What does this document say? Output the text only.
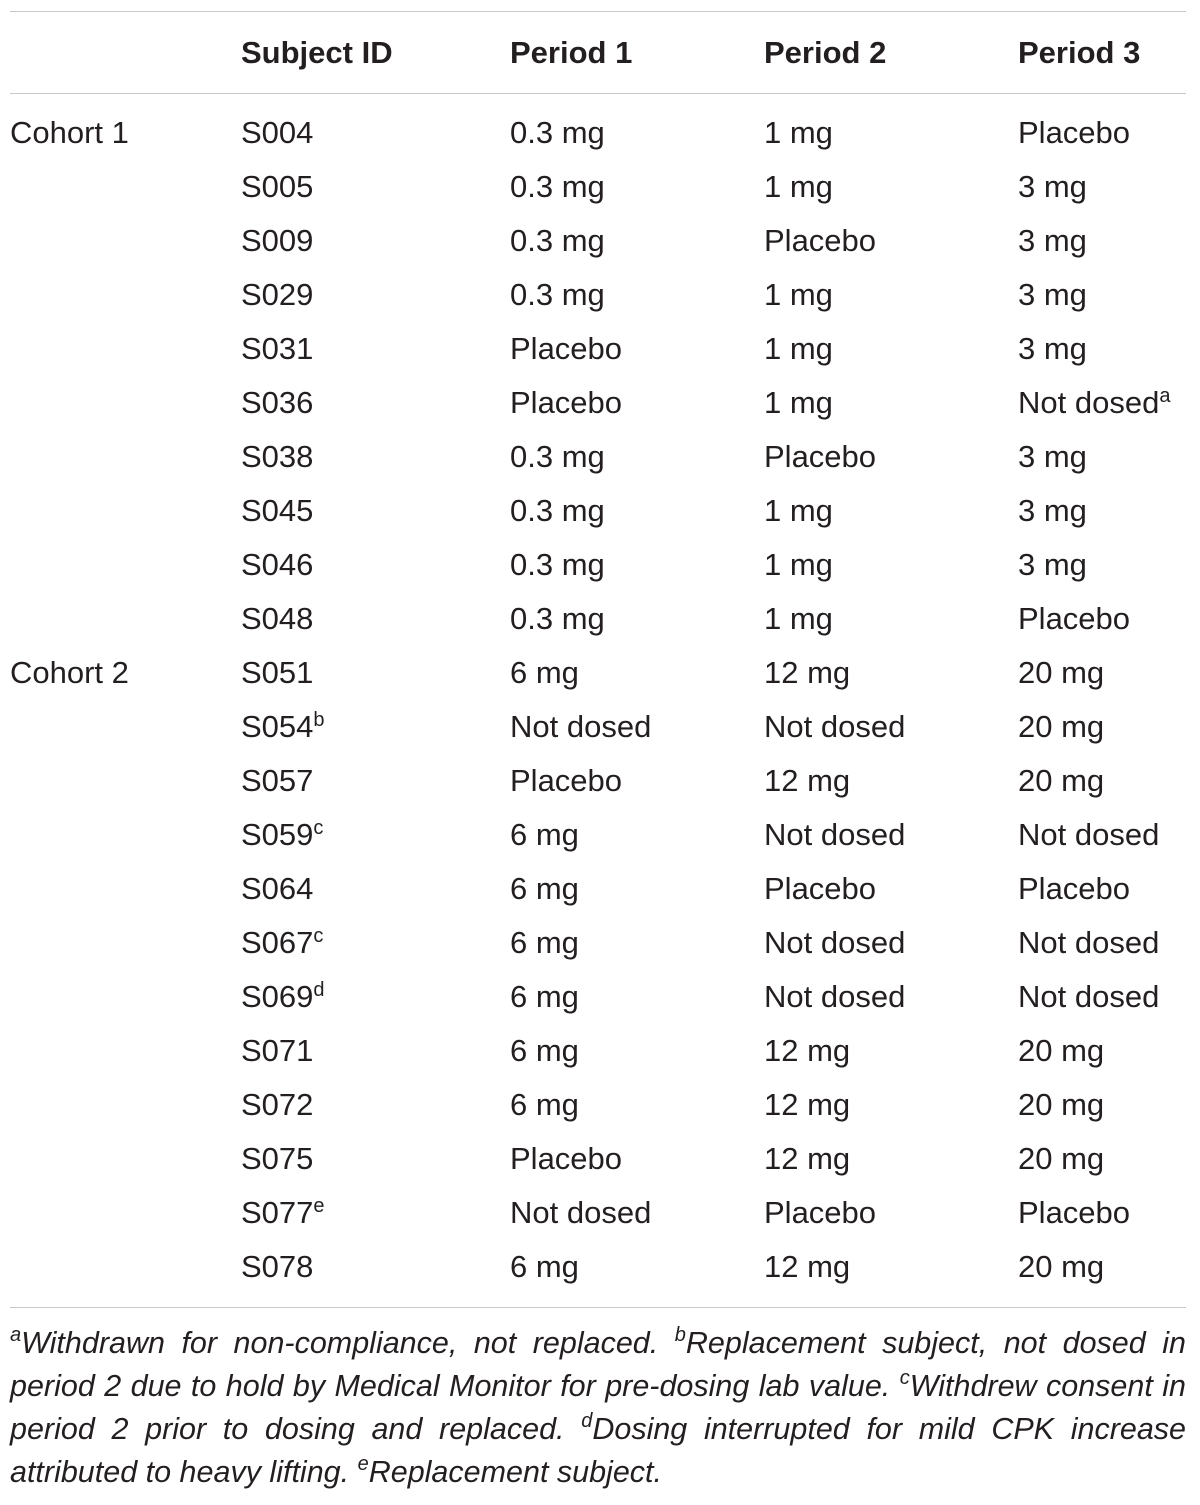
	Subject ID	Period 1	Period 2	Period 3

Cohort 1	S004	0.3 mg	1 mg	Placebo
	S005	0.3 mg	1 mg	3 mg
	S009	0.3 mg	Placebo	3 mg
	S029	0.3 mg	1 mg	3 mg
	S031	Placebo	1 mg	3 mg
	S036	Placebo	1 mg	Not dosed$^a$
	S038	0.3 mg	Placebo	3 mg
	S045	0.3 mg	1 mg	3 mg
	S046	0.3 mg	1 mg	3 mg
	S048	0.3 mg	1 mg	Placebo
Cohort 2	S051	6 mg	12 mg	20 mg
	S054$^b$	Not dosed	Not dosed	20 mg
	S057	Placebo	12 mg	20 mg
	S059$^c$	6 mg	Not dosed	Not dosed
	S064	6 mg	Placebo	Placebo
	S067$^c$	6 mg	Not dosed	Not dosed
	S069$^d$	6 mg	Not dosed	Not dosed
	S071	6 mg	12 mg	20 mg
	S072	6 mg	12 mg	20 mg
	S075	Placebo	12 mg	20 mg
	S077e	Not dosed	Placebo	Placebo
	S078	6 mg	12 mg	20 mg
$^a$Withdrawn for non-compliance, not replaced. $^b$Replacement subject, not dosed in period 2 due to hold by Medical Monitor for pre-dosing lab value. $^c$Withdrew consent in period 2 prior to dosing and replaced. $^d$Dosing interrupted for mild CPK increase attributed to heavy lifting. $^e$Replacement subject.
